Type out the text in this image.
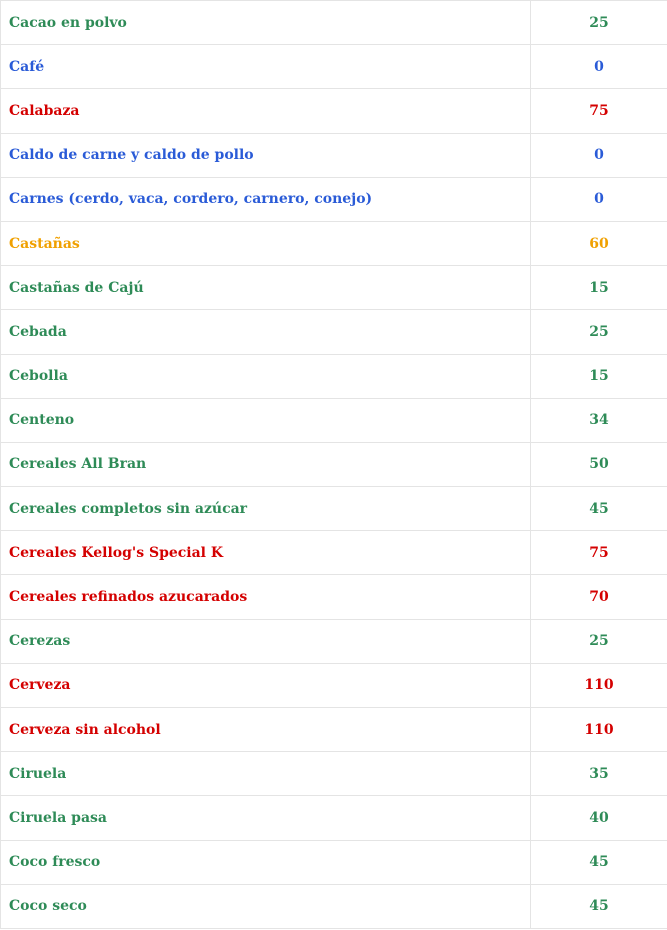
Cacao en polvo	25
Café	0
Calabaza	75
Caldo de carne y caldo de pollo	0
Carnes (cerdo, vaca, cordero, carnero, conejo)	0
Castañas	60
Castañas de Cajú	15
Cebada	25
Cebolla	15
Centeno	34
Cereales All Bran	50
Cereales completos sin azúcar	45
Cereales Kellog's Special K	75
Cereales refinados azucarados	70
Cerezas	25
Cerveza	110
Cerveza sin alcohol	110
Ciruela	35
Ciruela pasa	40
Coco fresco	45
Coco seco	45
